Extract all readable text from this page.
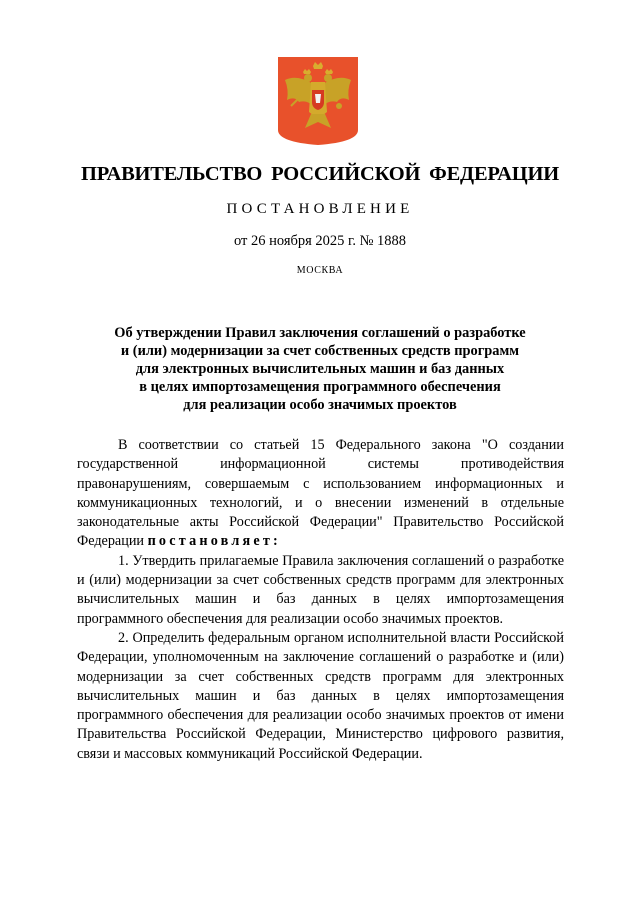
ПРАВИТЕЛЬСТВО РОССИЙСКОЙ ФЕДЕРАЦИИ
ПОСТАНОВЛЕНИЕ
от 26 ноября 2025 г. № 1888
МОСКВА
Об утверждении Правил заключения соглашений о разработке
и (или) модернизации за счет собственных средств программ
для электронных вычислительных машин и баз данных
в целях импортозамещения программного обеспечения
для реализации особо значимых проектов

В соответствии со статьей 15 Федерального закона "О создании государственной информационной системы противодействия правонарушениям, совершаемым с использованием информационных и коммуникационных технологий, и о внесении изменений в отдельные законодательные акты Российской Федерации" Правительство Российской Федерации постановляет:

1. Утвердить прилагаемые Правила заключения соглашений о разработке и (или) модернизации за счет собственных средств программ для электронных вычислительных машин и баз данных в целях импортозамещения программного обеспечения для реализации особо значимых проектов.

2. Определить федеральным органом исполнительной власти Российской Федерации, уполномоченным на заключение соглашений о разработке и (или) модернизации за счет собственных средств программ для электронных вычислительных машин и баз данных в целях импортозамещения программного обеспечения для реализации особо значимых проектов от имени Правительства Российской Федерации, Министерство цифрового развития, связи и массовых коммуникаций Российской Федерации.
